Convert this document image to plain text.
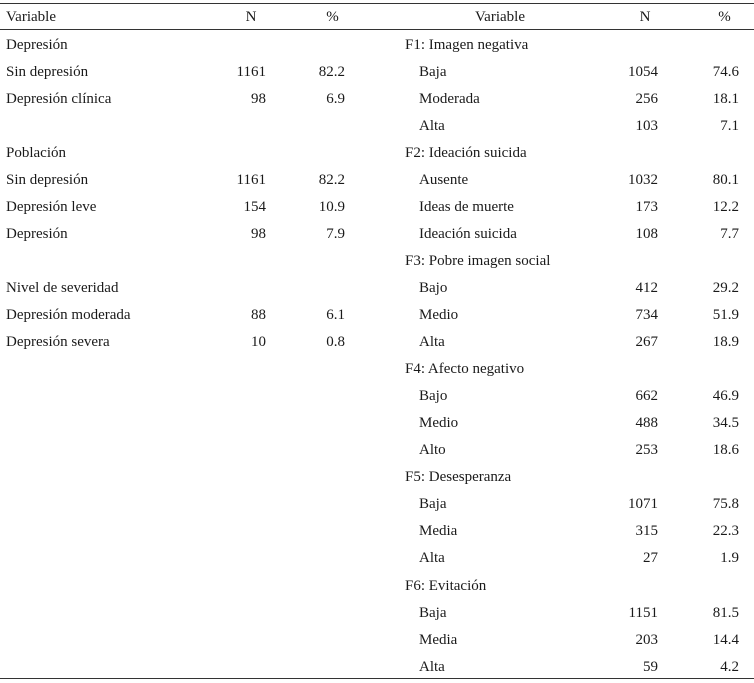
Variable	N	%	Variable	N	%
Depresión
Sin depresión	1161	82.2
Depresión clínica	98	6.9
Población
Sin depresión	1161	82.2
Depresión leve	154	10.9
Depresión	98	7.9
Nivel de severidad
Depresión moderada	88	6.1
Depresión severa	10	0.8
F1: Imagen negativa
Baja	1054	74.6
Moderada	256	18.1
Alta	103	7.1
F2: Ideación suicida
Ausente	1032	80.1
Ideas de muerte	173	12.2
Ideación suicida	108	7.7
F3: Pobre imagen social
Bajo	412	29.2
Medio	734	51.9
Alta	267	18.9
F4: Afecto negativo
Bajo	662	46.9
Medio	488	34.5
Alto	253	18.6
F5: Desesperanza
Baja	1071	75.8
Media	315	22.3
Alta	27	1.9
F6: Evitación
Baja	1151	81.5
Media	203	14.4
Alta	59	4.2
